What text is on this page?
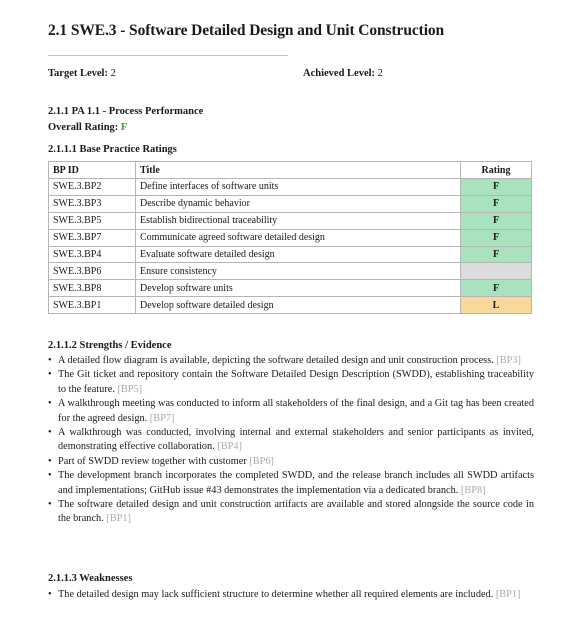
2.1 SWE.3 - Software Detailed Design and Unit Construction
Target Level: 2	Achieved Level: 2
2.1.1 PA 1.1 - Process Performance
Overall Rating: F
2.1.1.1 Base Practice Ratings
BP ID	Title	Rating
SWE.3.BP2	Define interfaces of software units	F
SWE.3.BP3	Describe dynamic behavior	F
SWE.3.BP5	Establish bidirectional traceability	F
SWE.3.BP7	Communicate agreed software detailed design	F
SWE.3.BP4	Evaluate software detailed design	F
SWE.3.BP6	Ensure consistency	
SWE.3.BP8	Develop software units	F
SWE.3.BP1	Develop software detailed design	L
2.1.1.2 Strengths / Evidence
• A detailed flow diagram is available, depicting the software detailed design and unit construction process. [BP3]
• The Git ticket and repository contain the Software Detailed Design Description (SWDD), establishing traceability to the feature. [BP5]
• A walkthrough meeting was conducted to inform all stakeholders of the final design, and a Git tag has been created for the agreed design. [BP7]
• A walkthrough was conducted, involving internal and external stakeholders and senior participants as invited, demonstrating effective collaboration. [BP4]
• Part of SWDD review together with customer [BP6]
• The development branch incorporates the completed SWDD, and the release branch includes all SWDD artifacts and implementations; GitHub issue #43 demonstrates the implementation via a dedicated branch. [BP8]
• The software detailed design and unit construction artifacts are available and stored alongside the source code in the branch. [BP1]
2.1.1.3 Weaknesses
• The detailed design may lack sufficient structure to determine whether all required elements are included. [BP1]
